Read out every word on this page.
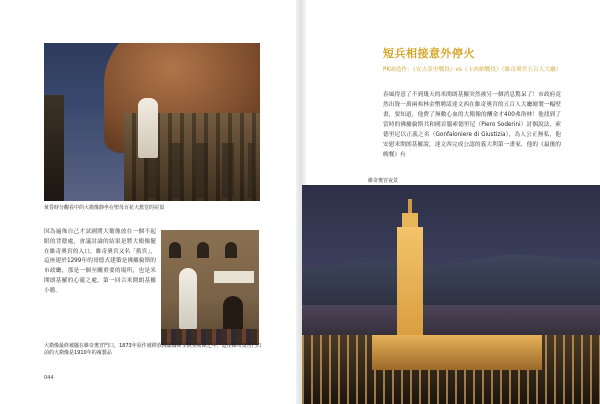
黄昏時分觀看中的大衛像靜坐在聖母百花大教堂的屋頂
因為遍佈自己才試圖將大衛像放在一個不起眼的背陰處，會議討論的結果是將大衛像擺在維奇奧宮的入口，維奇奧宮又名「舊宮」，這座建於1299年的哥德式建築是佛羅倫斯的市政廳，那是一個至關重要的場所，也是米開朗基羅的心靈之處，第一回合米開朗基羅小勝。
大衛像最終被擺在維奇奧宮門口，1873年原作被移放佛羅倫斯學院美術館之中，這座維奇奧宮門口前的大衛像是1910年的複製品
044
短兵相接意外停火
PK兩造作：《安吉亞里戰役》vs《卡西納戰役》（維奇奧宮五百人大廳）
春風得意了不到幾天的米開朗基羅突然被另一個消息驚呆了！市政府竟然出資一萬兩弗林金幣聘請達文西在維奇奧宮的五百人大廳繪製一幅壁畫，要知道，他費了無數心血的大衛像的酬金才400弗洛林！他找到了當時的佛羅倫斯共和國首腦索德里尼（Piero Soderini）討個說法，索德里尼以正義之名（Gonfaloniere di Giustizia），為人公正無私，他安慰米開朗基羅說，達文西完成公認的義大利第一畫家，他的《最後的晚餐》有
維奇奧宮夜景
